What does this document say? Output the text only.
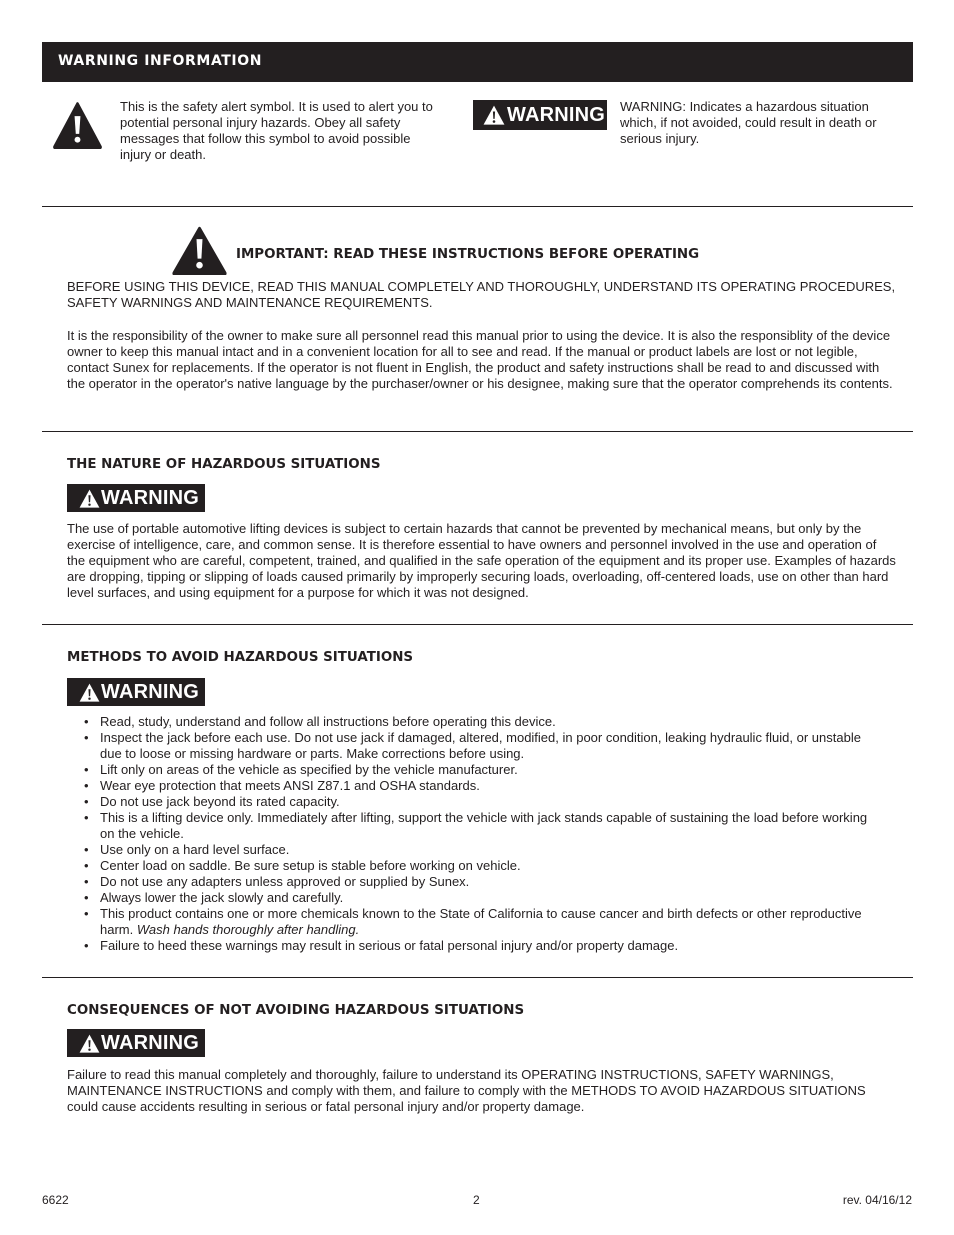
WARNING INFORMATION

This is the safety alert symbol. It is used to alert you to potential personal injury hazards. Obey all safety messages that follow this symbol to avoid possible injury or death.

WARNING WARNING: Indicates a hazardous situation which, if not avoided, could result in death or serious injury.

IMPORTANT: READ THESE INSTRUCTIONS BEFORE OPERATING

BEFORE USING THIS DEVICE, READ THIS MANUAL COMPLETELY AND THOROUGHLY, UNDERSTAND ITS OPERATING PROCEDURES, SAFETY WARNINGS AND MAINTENANCE REQUIREMENTS.

It is the responsibility of the owner to make sure all personnel read this manual prior to using the device. It is also the responsiblity of the device owner to keep this manual intact and in a convenient location for all to see and read. If the manual or product labels are lost or not legible, contact Sunex for replacements. If the operator is not fluent in English, the product and safety instructions shall be read to and discussed with the operator in the operator's native language by the purchaser/owner or his designee, making sure that the operator comprehends its contents.

THE NATURE OF HAZARDOUS SITUATIONS
WARNING

The use of portable automotive lifting devices is subject to certain hazards that cannot be prevented by mechanical means, but only by the exercise of intelligence, care, and common sense. It is therefore essential to have owners and personnel involved in the use and operation of the equipment who are careful, competent, trained, and qualified in the safe operation of the equipment and its proper use. Examples of hazards are dropping, tipping or slipping of loads caused primarily by improperly securing loads, overloading, off-centered loads, use on other than hard level surfaces, and using equipment for a purpose for which it was not designed.

METHODS TO AVOID HAZARDOUS SITUATIONS
WARNING
• Read, study, understand and follow all instructions before operating this device.
• Inspect the jack before each use. Do not use jack if damaged, altered, modified, in poor condition, leaking hydraulic fluid, or unstable due to loose or missing hardware or parts. Make corrections before using.
• Lift only on areas of the vehicle as specified by the vehicle manufacturer.
• Wear eye protection that meets ANSI Z87.1 and OSHA standards.
• Do not use jack beyond its rated capacity.
• This is a lifting device only. Immediately after lifting, support the vehicle with jack stands capable of sustaining the load before working on the vehicle.
• Use only on a hard level surface.
• Center load on saddle. Be sure setup is stable before working on vehicle.
• Do not use any adapters unless approved or supplied by Sunex.
• Always lower the jack slowly and carefully.
• This product contains one or more chemicals known to the State of California to cause cancer and birth defects or other reproductive harm. Wash hands thoroughly after handling.
• Failure to heed these warnings may result in serious or fatal personal injury and/or property damage.
CONSEQUENCES OF NOT AVOIDING HAZARDOUS SITUATIONS
WARNING

Failure to read this manual completely and thoroughly, failure to understand its OPERATING INSTRUCTIONS, SAFETY WARNINGS, MAINTENANCE INSTRUCTIONS and comply with them, and failure to comply with the METHODS TO AVOID HAZARDOUS SITUATIONS could cause accidents resulting in serious or fatal personal injury and/or property damage.

6622	2	rev. 04/16/12
